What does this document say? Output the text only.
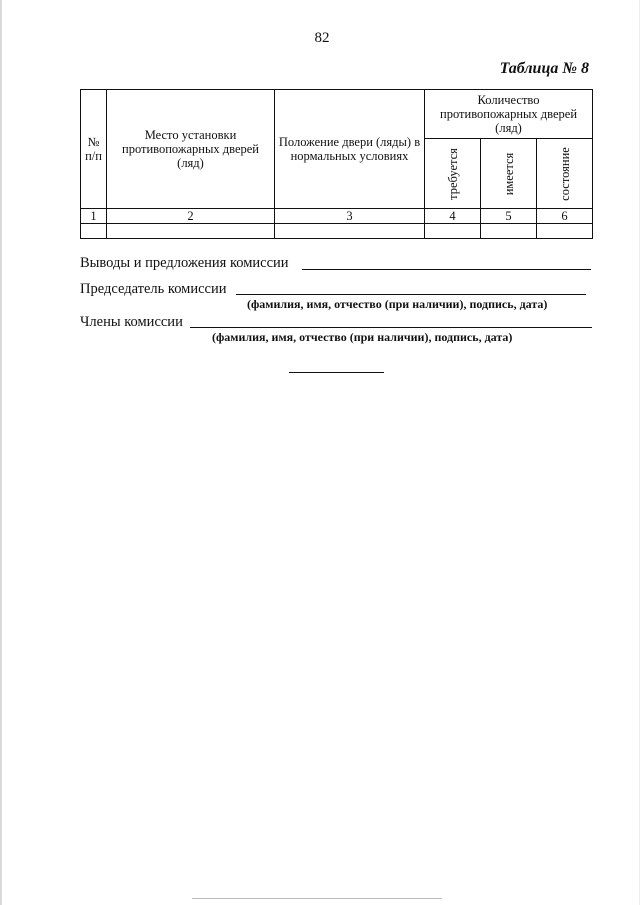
82
Таблица № 8
№ п/п	Место установки противопожарных дверей (ляд)	Положение двери (ляды) в нормальных условиях	Количество противопожарных дверей (ляд)		

			требуется	имеется	состояние

1	2	3	4	5	6

Выводы и предложения комиссии
Председатель комиссии
(фамилия, имя, отчество (при наличии), подпись, дата)
Члены комиссии
(фамилия, имя, отчество (при наличии), подпись, дата)
